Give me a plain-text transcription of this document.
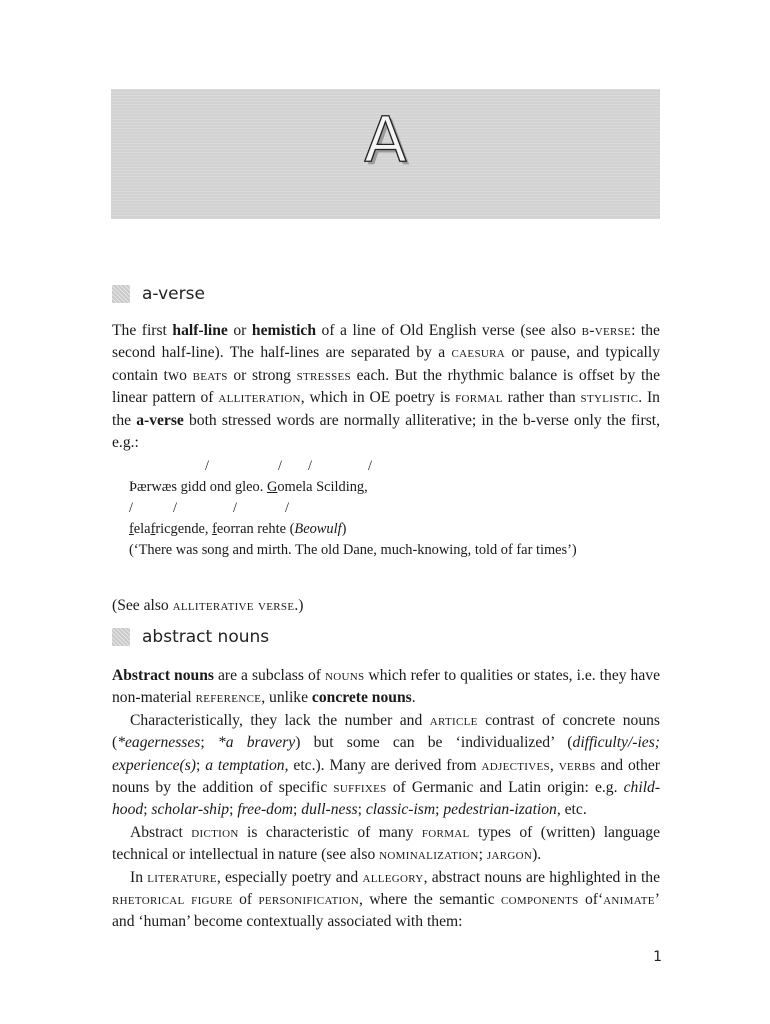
A
a-verse

The first half-line or hemistich of a line of Old English verse (see also b-verse: the second half-line). The half-lines are separated by a caesura or pause, and typically contain two beats or strong stresses each. But the rhythmic balance is offset by the linear pattern of alliteration, which in OE poetry is formal rather than stylistic. In the a-verse both stressed words are normally alliterative; in the b-verse only the first, e.g.:

/

	/

/

	/

Þærwæs gidd ond gleo. Gomela Scilding,

/

	/

	/

	/

felafricgende, feorran rehte (Beowulf)
(‘There was song and mirth. The old Dane, much-knowing, told of far times’)

(See also alliterative verse.)

abstract nouns

Abstract nouns are a subclass of nouns which refer to qualities or states, i.e. they have non-material reference, unlike concrete nouns.

Characteristically, they lack the number and article contrast of concrete nouns (*eagernesses; *a bravery) but some can be ‘individualized’ (difficulty/-ies; experience(s); a temptation, etc.). Many are derived from adjectives, verbs and other nouns by the addition of specific suffixes of Germanic and Latin origin: e.g. child-hood; scholar-ship; free-dom; dull-ness; classic-ism; pedestrian-ization, etc.

Abstract diction is characteristic of many formal types of (written) language technical or intellectual in nature (see also nominalization; jargon).

In literature, especially poetry and allegory, abstract nouns are highlighted in the rhetorical figure of personification, where the semantic components of‘animate’ and ‘human’ become contextually associated with them:

1
